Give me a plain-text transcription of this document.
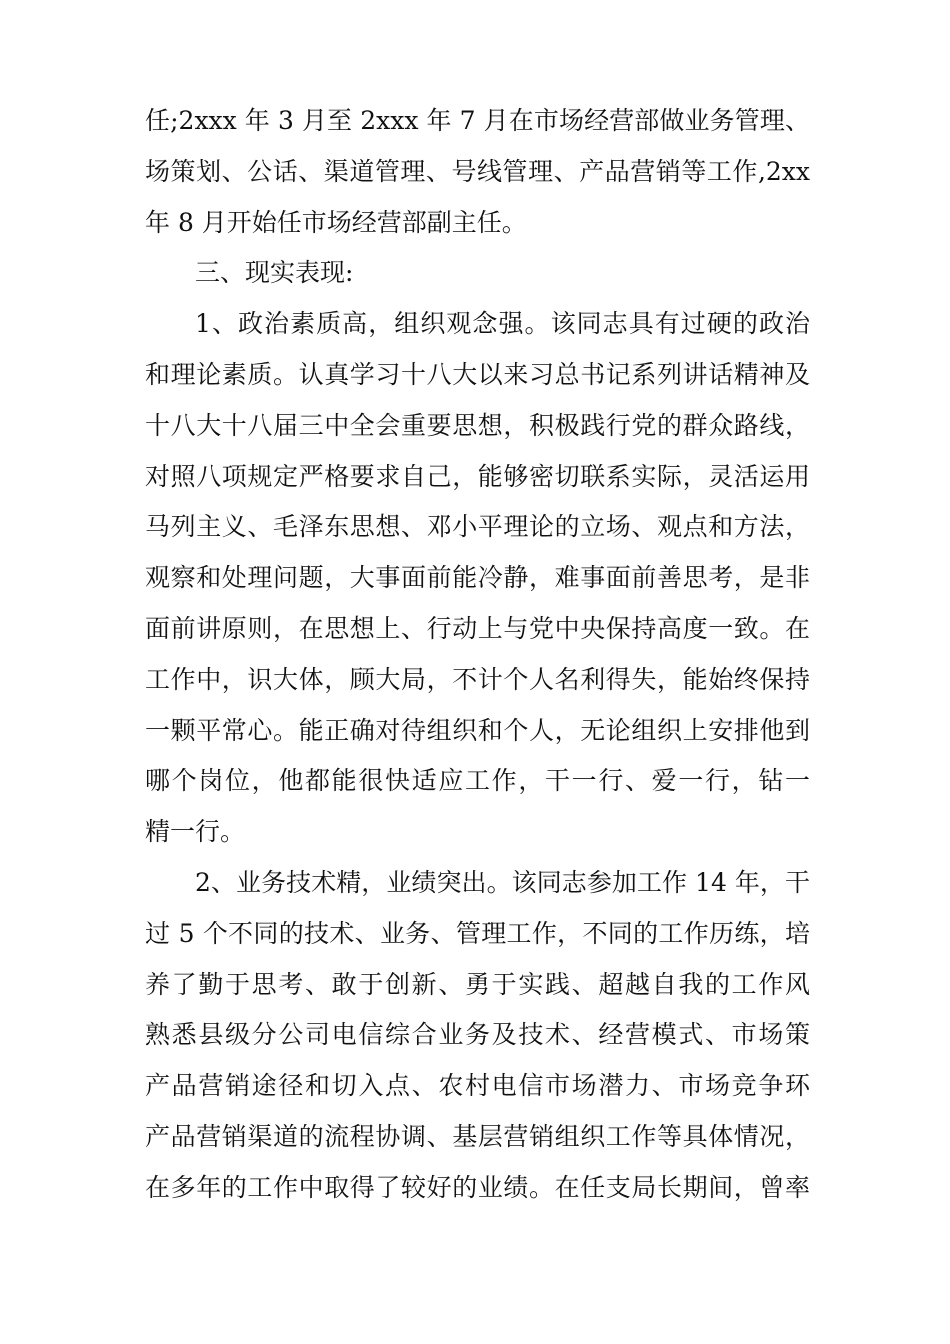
任;2xxx 年 3 月至 2xxx 年 7 月在市场经营部做业务管理、
场策划、公话、渠道管理、号线管理、产品营销等工作,2xx
年 8 月开始任市场经营部副主任。
三、现实表现:
1、政治素质高，组织观念强。该同志具有过硬的政治
和理论素质。认真学习十八大以来习总书记系列讲话精神及
十八大十八届三中全会重要思想，积极践行党的群众路线，
对照八项规定严格要求自己，能够密切联系实际，灵活运用
马列主义、毛泽东思想、邓小平理论的立场、观点和方法，
观察和处理问题，大事面前能冷静，难事面前善思考，是非
面前讲原则，在思想上、行动上与党中央保持高度一致。在
工作中，识大体，顾大局，不计个人名利得失，能始终保持
一颗平常心。能正确对待组织和个人，无论组织上安排他到
哪个岗位，他都能很快适应工作，干一行、爱一行，钻一
精一行。
2、业务技术精，业绩突出。该同志参加工作 14 年，干
过 5 个不同的技术、业务、管理工作，不同的工作历练，培
养了勤于思考、敢于创新、勇于实践、超越自我的工作风
熟悉县级分公司电信综合业务及技术、经营模式、市场策
产品营销途径和切入点、农村电信市场潜力、市场竞争环
产品营销渠道的流程协调、基层营销组织工作等具体情况，
在多年的工作中取得了较好的业绩。在任支局长期间，曾率
